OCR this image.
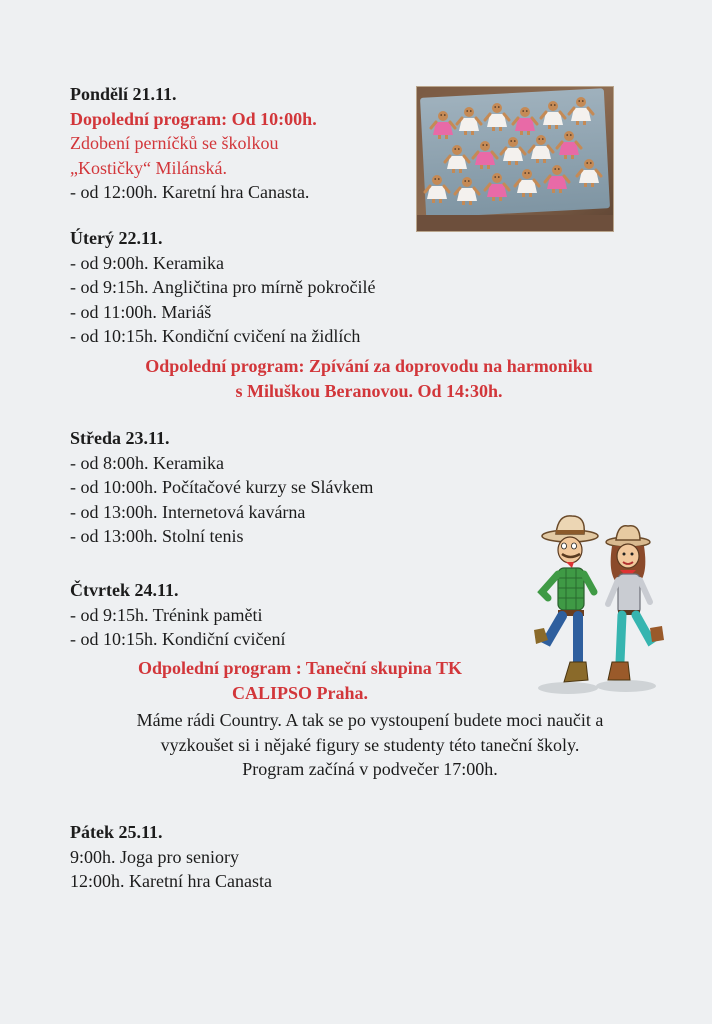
Pondělí 21.11.
Dopolední program: Od 10:00h.
Zdobení perníčků se školkou
„Kostičky“ Milánská.
- od 12:00h. Karetní hra Canasta.
Úterý 22.11.
- od 9:00h. Keramika
- od 9:15h. Angličtina pro mírně pokročilé
- od 11:00h. Mariáš
- od 10:15h. Kondiční cvičení na židlích
Odpolední program: Zpívání za doprovodu na harmoniku
s Miluškou Beranovou. Od 14:30h.
Středa 23.11.
- od 8:00h. Keramika
- od 10:00h. Počítačové kurzy se Slávkem
- od 13:00h. Internetová kavárna
- od 13:00h. Stolní tenis
Čtvrtek 24.11.
- od 9:15h. Trénink paměti
- od 10:15h. Kondiční cvičení
Odpolední program : Taneční skupina TK
CALIPSO Praha.
Máme rádi Country. A tak se po vystoupení budete moci naučit a
vyzkoušet si i nějaké figury se studenty této taneční školy.
Program začíná v podvečer 17:00h.
Pátek 25.11.
9:00h. Joga pro seniory
12:00h. Karetní hra Canasta
